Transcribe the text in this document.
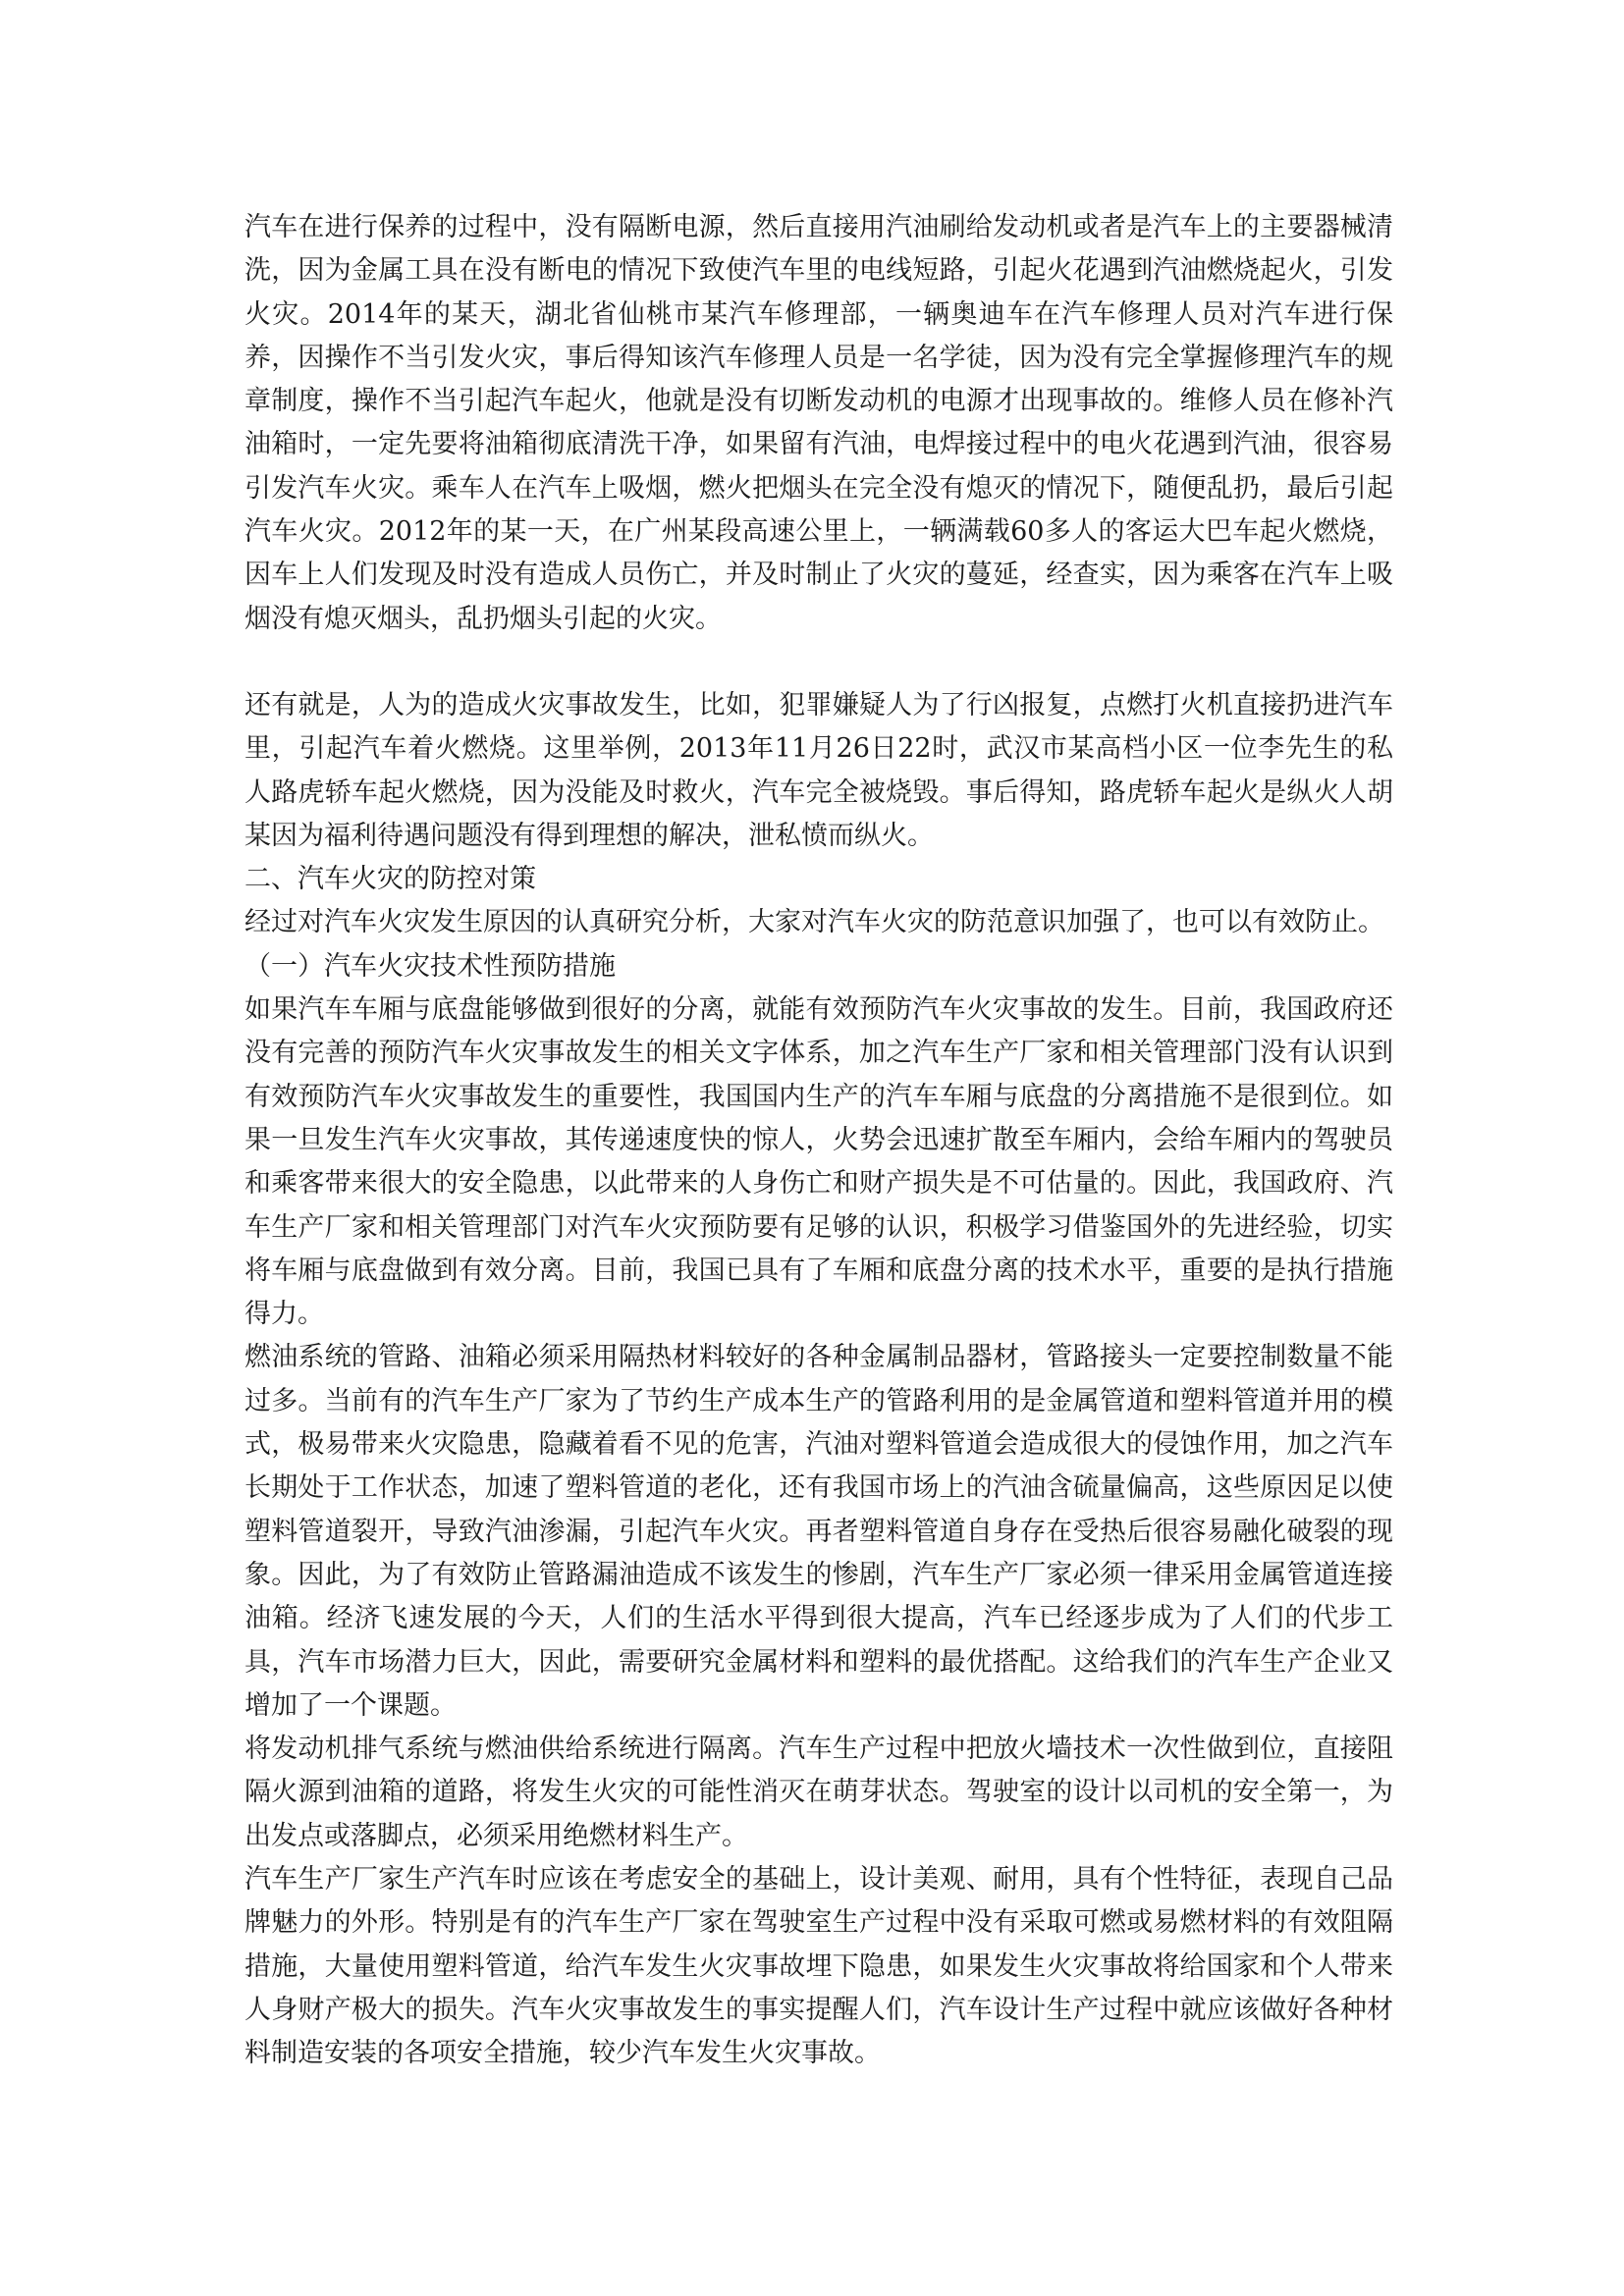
汽车在进行保养的过程中，没有隔断电源，然后直接用汽油刷给发动机或者是汽车上的主要器械清洗，因为金属工具在没有断电的情况下致使汽车里的电线短路，引起火花遇到汽油燃烧起火，引发火灾。2014年的某天，湖北省仙桃市某汽车修理部，一辆奥迪车在汽车修理人员对汽车进行保养，因操作不当引发火灾，事后得知该汽车修理人员是一名学徒，因为没有完全掌握修理汽车的规章制度，操作不当引起汽车起火，他就是没有切断发动机的电源才出现事故的。维修人员在修补汽油箱时，一定先要将油箱彻底清洗干净，如果留有汽油，电焊接过程中的电火花遇到汽油，很容易引发汽车火灾。乘车人在汽车上吸烟，燃火把烟头在完全没有熄灭的情况下，随便乱扔，最后引起汽车火灾。2012年的某一天，在广州某段高速公里上，一辆满载60多人的客运大巴车起火燃烧，因车上人们发现及时没有造成人员伤亡，并及时制止了火灾的蔓延，经查实，因为乘客在汽车上吸烟没有熄灭烟头，乱扔烟头引起的火灾。

还有就是，人为的造成火灾事故发生，比如，犯罪嫌疑人为了行凶报复，点燃打火机直接扔进汽车里，引起汽车着火燃烧。这里举例，2013年11月26日22时，武汉市某高档小区一位李先生的私人路虎轿车起火燃烧，因为没能及时救火，汽车完全被烧毁。事后得知，路虎轿车起火是纵火人胡某因为福利待遇问题没有得到理想的解决，泄私愤而纵火。

二、汽车火灾的防控对策

经过对汽车火灾发生原因的认真研究分析，大家对汽车火灾的防范意识加强了，也可以有效防止。

（一）汽车火灾技术性预防措施

如果汽车车厢与底盘能够做到很好的分离，就能有效预防汽车火灾事故的发生。目前，我国政府还没有完善的预防汽车火灾事故发生的相关文字体系，加之汽车生产厂家和相关管理部门没有认识到有效预防汽车火灾事故发生的重要性，我国国内生产的汽车车厢与底盘的分离措施不是很到位。如果一旦发生汽车火灾事故，其传递速度快的惊人，火势会迅速扩散至车厢内，会给车厢内的驾驶员和乘客带来很大的安全隐患，以此带来的人身伤亡和财产损失是不可估量的。因此，我国政府、汽车生产厂家和相关管理部门对汽车火灾预防要有足够的认识，积极学习借鉴国外的先进经验，切实将车厢与底盘做到有效分离。目前，我国已具有了车厢和底盘分离的技术水平，重要的是执行措施得力。

燃油系统的管路、油箱必须采用隔热材料较好的各种金属制品器材，管路接头一定要控制数量不能过多。当前有的汽车生产厂家为了节约生产成本生产的管路利用的是金属管道和塑料管道并用的模式，极易带来火灾隐患，隐藏着看不见的危害，汽油对塑料管道会造成很大的侵蚀作用，加之汽车长期处于工作状态，加速了塑料管道的老化，还有我国市场上的汽油含硫量偏高，这些原因足以使塑料管道裂开，导致汽油渗漏，引起汽车火灾。再者塑料管道自身存在受热后很容易融化破裂的现象。因此，为了有效防止管路漏油造成不该发生的惨剧，汽车生产厂家必须一律采用金属管道连接油箱。经济飞速发展的今天，人们的生活水平得到很大提高，汽车已经逐步成为了人们的代步工具，汽车市场潜力巨大，因此，需要研究金属材料和塑料的最优搭配。这给我们的汽车生产企业又增加了一个课题。

将发动机排气系统与燃油供给系统进行隔离。汽车生产过程中把放火墙技术一次性做到位，直接阻隔火源到油箱的道路，将发生火灾的可能性消灭在萌芽状态。驾驶室的设计以司机的安全第一，为出发点或落脚点，必须采用绝燃材料生产。

汽车生产厂家生产汽车时应该在考虑安全的基础上，设计美观、耐用，具有个性特征，表现自己品牌魅力的外形。特别是有的汽车生产厂家在驾驶室生产过程中没有采取可燃或易燃材料的有效阻隔措施，大量使用塑料管道，给汽车发生火灾事故埋下隐患，如果发生火灾事故将给国家和个人带来人身财产极大的损失。汽车火灾事故发生的事实提醒人们，汽车设计生产过程中就应该做好各种材料制造安装的各项安全措施，较少汽车发生火灾事故。
